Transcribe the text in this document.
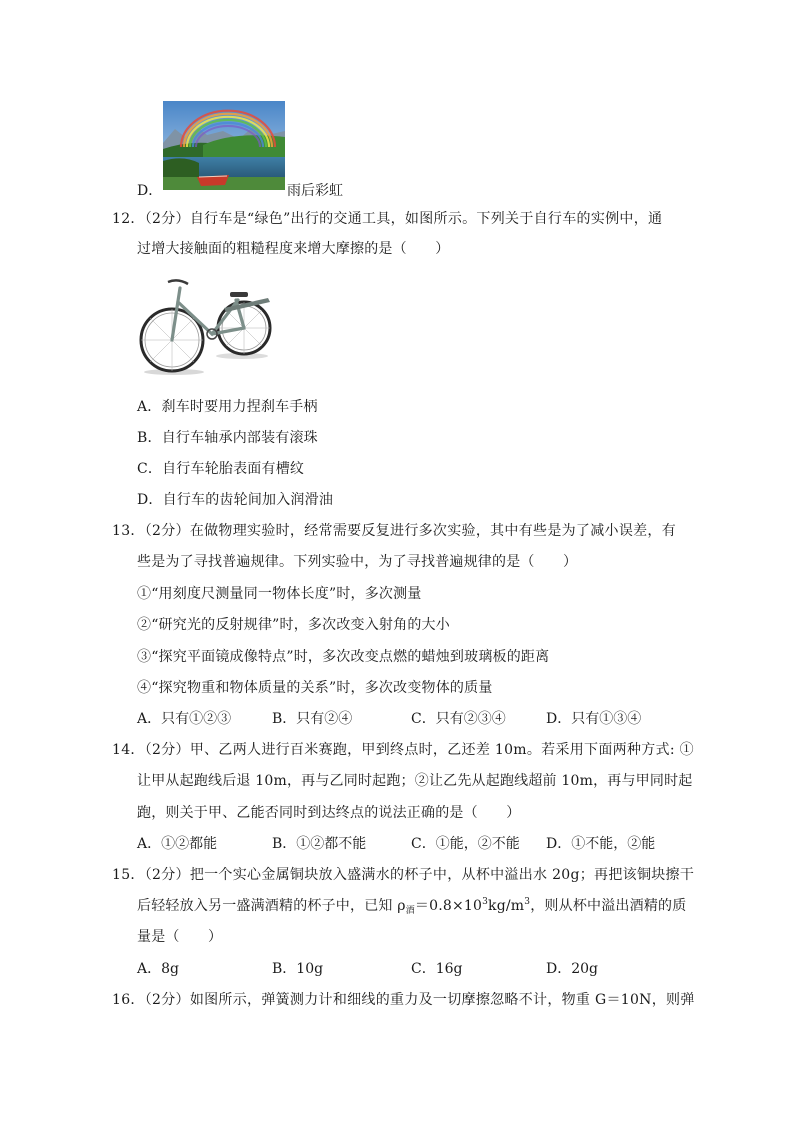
D．	雨后彩虹
12．（2分）自行车是“绿色”出行的交通工具，如图所示。下列关于自行车的实例中，通
过增大接触面的粗糙程度来增大摩擦的是（　　）
A．刹车时要用力捏刹车手柄
B．自行车轴承内部装有滚珠
C．自行车轮胎表面有槽纹
D．自行车的齿轮间加入润滑油
13．（2分）在做物理实验时，经常需要反复进行多次实验，其中有些是为了减小误差，有
些是为了寻找普遍规律。下列实验中，为了寻找普遍规律的是（　　）
①“用刻度尺测量同一物体长度”时，多次测量
②“研究光的反射规律”时，多次改变入射角的大小
③“探究平面镜成像特点”时，多次改变点燃的蜡烛到玻璃板的距离
④“探究物重和物体质量的关系”时，多次改变物体的质量
A．只有①②③	B．只有②④	C．只有②③④	D．只有①③④
14．（2分）甲、乙两人进行百米赛跑，甲到终点时，乙还差 10m。若采用下面两种方式: ①
让甲从起跑线后退 10m，再与乙同时起跑；②让乙先从起跑线超前 10m，再与甲同时起
跑，则关于甲、乙能否同时到达终点的说法正确的是（　　）
A．①②都能	B．①②都不能	C．①能，②不能 D．①不能，②能
15．（2分）把一个实心金属铜块放入盛满水的杯子中，从杯中溢出水 20g；再把该铜块擦干
后轻轻放入另一盛满酒精的杯子中，已知 $\rho_酒=0.8\times 10^3kg/m^3$，则从杯中溢出酒精的质
量是（　　）
A．8g	B．10g	C．16g	D．20g
16．（2分）如图所示，弹簧测力计和细线的重力及一切摩擦忽略不计，物重 G＝10N，则弹
